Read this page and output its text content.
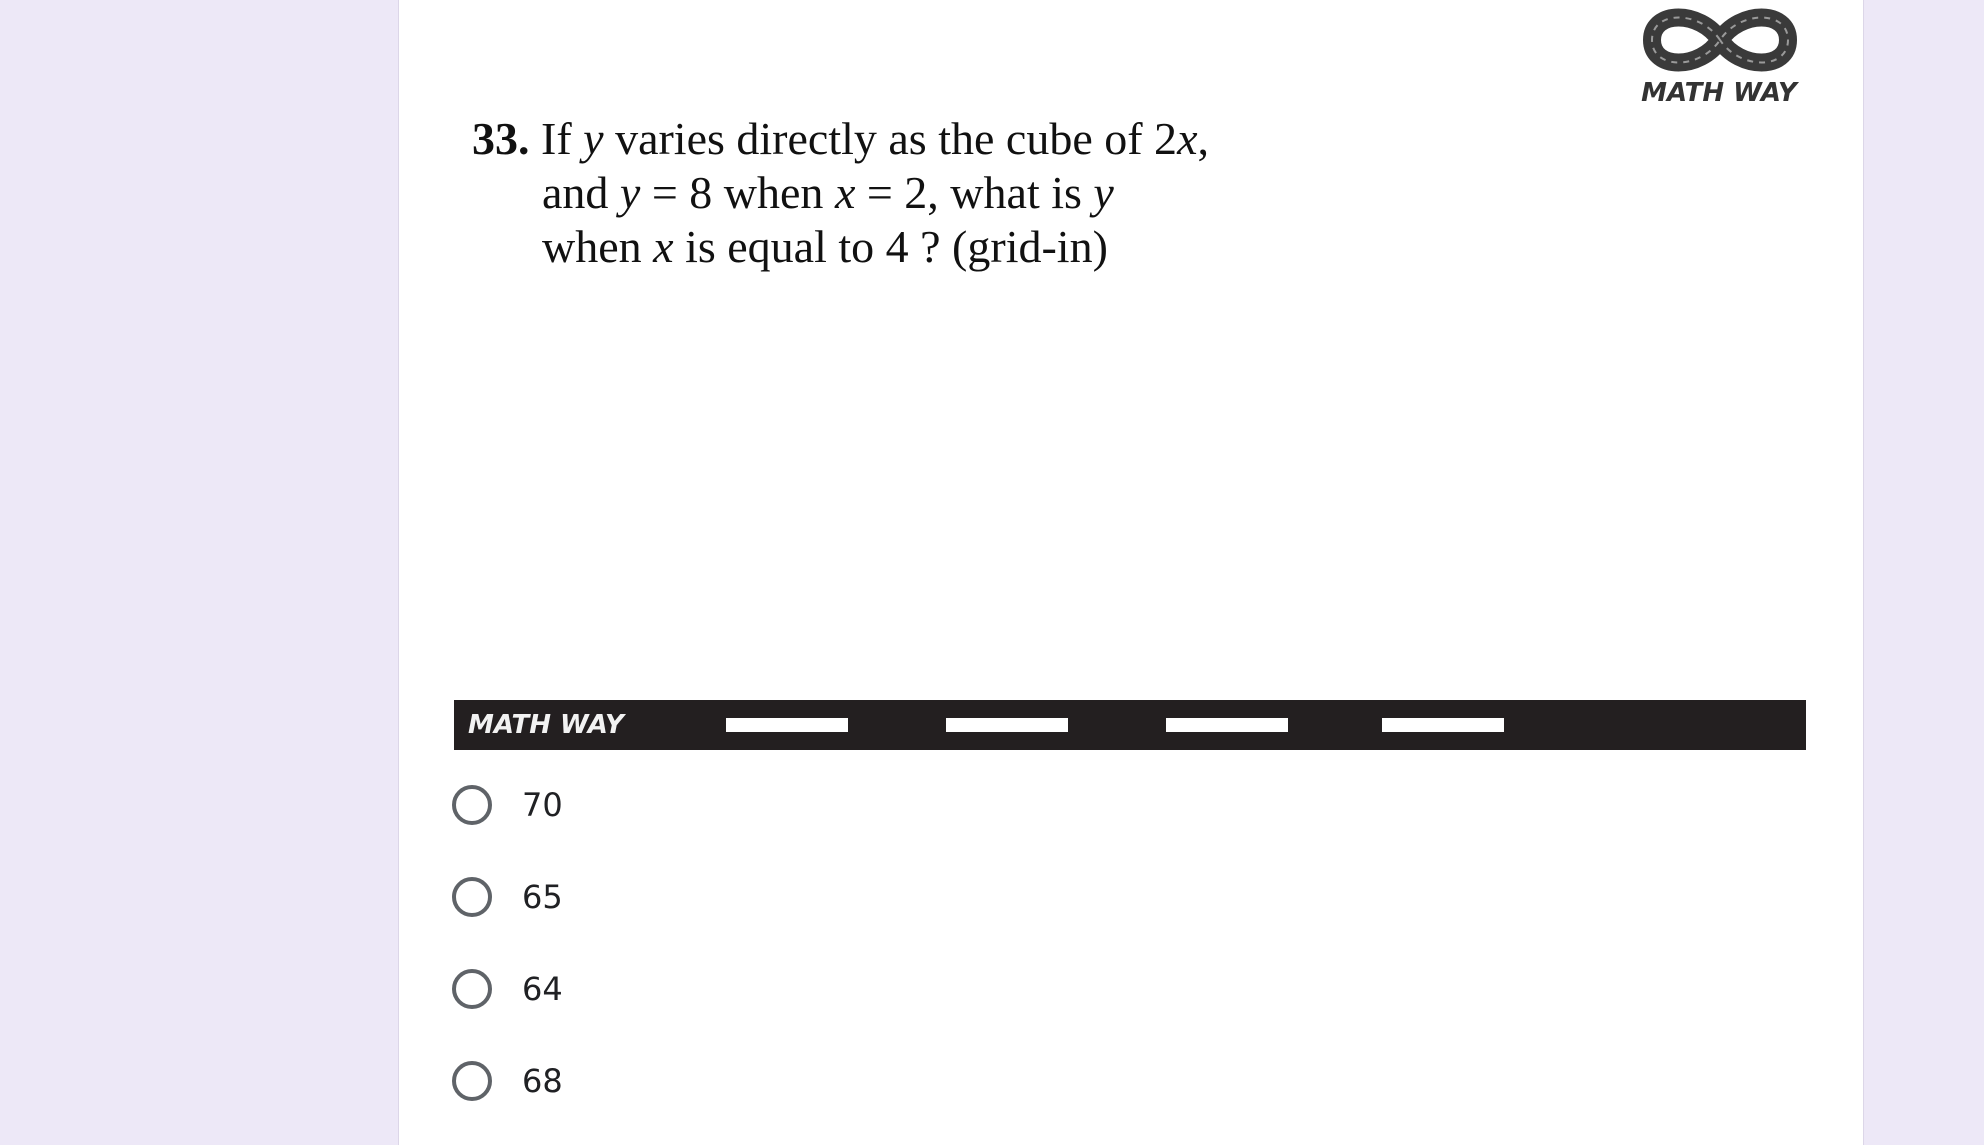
MATH WAY
33. If y varies directly as the cube of 2x,
and y = 8 when x = 2, what is y
when x is equal to 4 ? (grid-in)
MATH WAY
70
65
64
68
